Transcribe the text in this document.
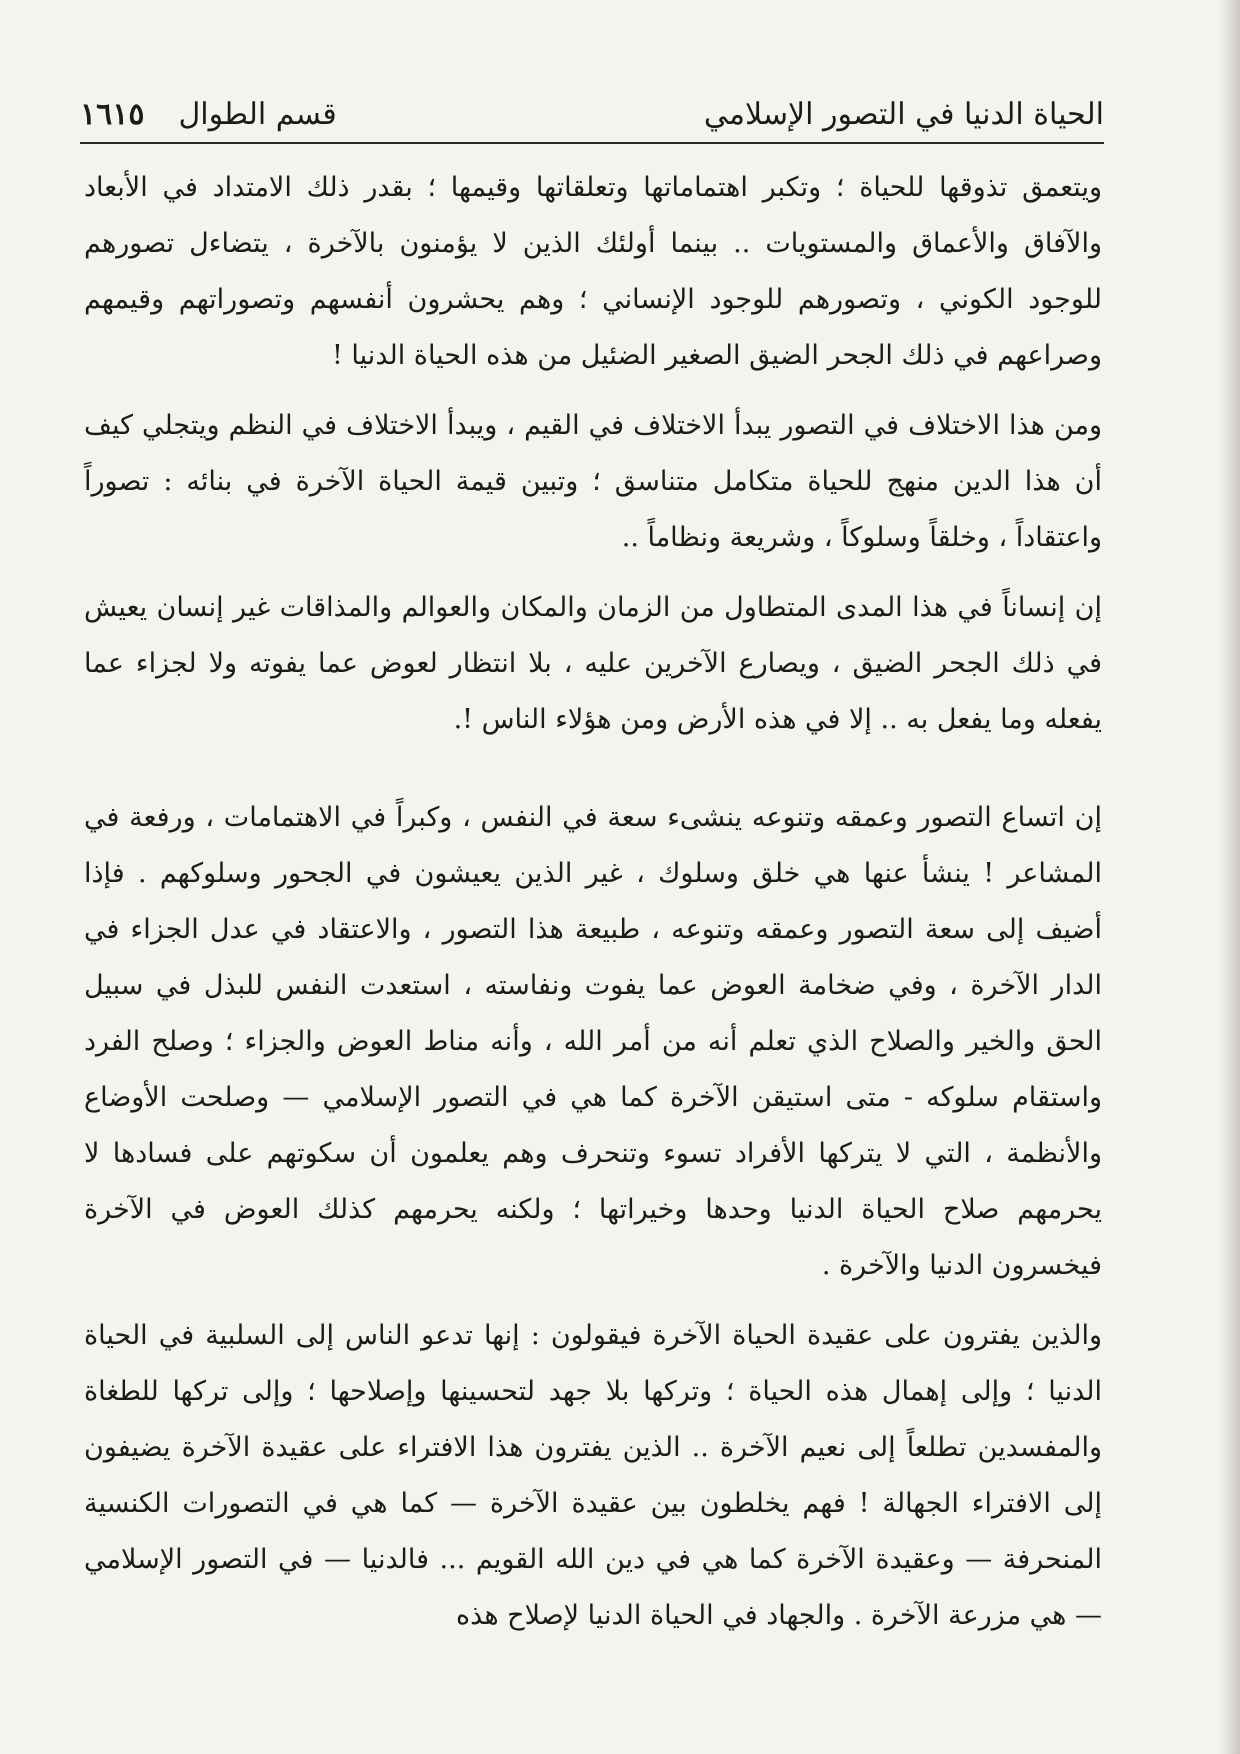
الحياة الدنيا في التصور الإسلامي
قسم الطوال
١٦١٥

ويتعمق تذوقها للحياة ؛ وتكبر اهتماماتها وتعلقاتها وقيمها ؛ بقدر ذلك الامتداد في الأبعاد والآفاق والأعماق والمستويات .. بينما أولئك الذين لا يؤمنون بالآخرة ، يتضاءل تصورهم للوجود الكوني ، وتصورهم للوجود الإنساني ؛ وهم يحشرون أنفسهم وتصوراتهم وقيمهم وصراعهم في ذلك الجحر الضيق الصغير الضئيل من هذه الحياة الدنيا !

ومن هذا الاختلاف في التصور يبدأ الاختلاف في القيم ، ويبدأ الاختلاف في النظم ويتجلي كيف أن هذا الدين منهج للحياة متكامل متناسق ؛ وتبين قيمة الحياة الآخرة في بنائه : تصوراً واعتقاداً ، وخلقاً وسلوكاً ، وشريعة ونظاماً ..

إن إنساناً في هذا المدى المتطاول من الزمان والمكان والعوالم والمذاقات غير إنسان يعيش في ذلك الجحر الضيق ، ويصارع الآخرين عليه ، بلا انتظار لعوض عما يفوته ولا لجزاء عما يفعله وما يفعل به .. إلا في هذه الأرض ومن هؤلاء الناس !.

إن اتساع التصور وعمقه وتنوعه ينشىء سعة في النفس ، وكبراً في الاهتمامات ، ورفعة في المشاعر ! ينشأ عنها هي خلق وسلوك ، غير الذين يعيشون في الجحور وسلوكهم . فإذا أضيف إلى سعة التصور وعمقه وتنوعه ، طبيعة هذا التصور ، والاعتقاد في عدل الجزاء في الدار الآخرة ، وفي ضخامة العوض عما يفوت ونفاسته ، استعدت النفس للبذل في سبيل الحق والخير والصلاح الذي تعلم أنه من أمر الله ، وأنه مناط العوض والجزاء ؛ وصلح الفرد واستقام سلوكه - متى استيقن الآخرة كما هي في التصور الإسلامي — وصلحت الأوضاع والأنظمة ، التي لا يتركها الأفراد تسوء وتنحرف وهم يعلمون أن سكوتهم على فسادها لا يحرمهم صلاح الحياة الدنيا وحدها وخيراتها ؛ ولكنه يحرمهم كذلك العوض في الآخرة فيخسرون الدنيا والآخرة .

والذين يفترون على عقيدة الحياة الآخرة فيقولون : إنها تدعو الناس إلى السلبية في الحياة الدنيا ؛ وإلى إهمال هذه الحياة ؛ وتركها بلا جهد لتحسينها وإصلاحها ؛ وإلى تركها للطغاة والمفسدين تطلعاً إلى نعيم الآخرة .. الذين يفترون هذا الافتراء على عقيدة الآخرة يضيفون إلى الافتراء الجهالة ! فهم يخلطون بين عقيدة الآخرة — كما هي في التصورات الكنسية المنحرفة — وعقيدة الآخرة كما هي في دين الله القويم ... فالدنيا — في التصور الإسلامي — هي مزرعة الآخرة . والجهاد في الحياة الدنيا لإصلاح هذه
